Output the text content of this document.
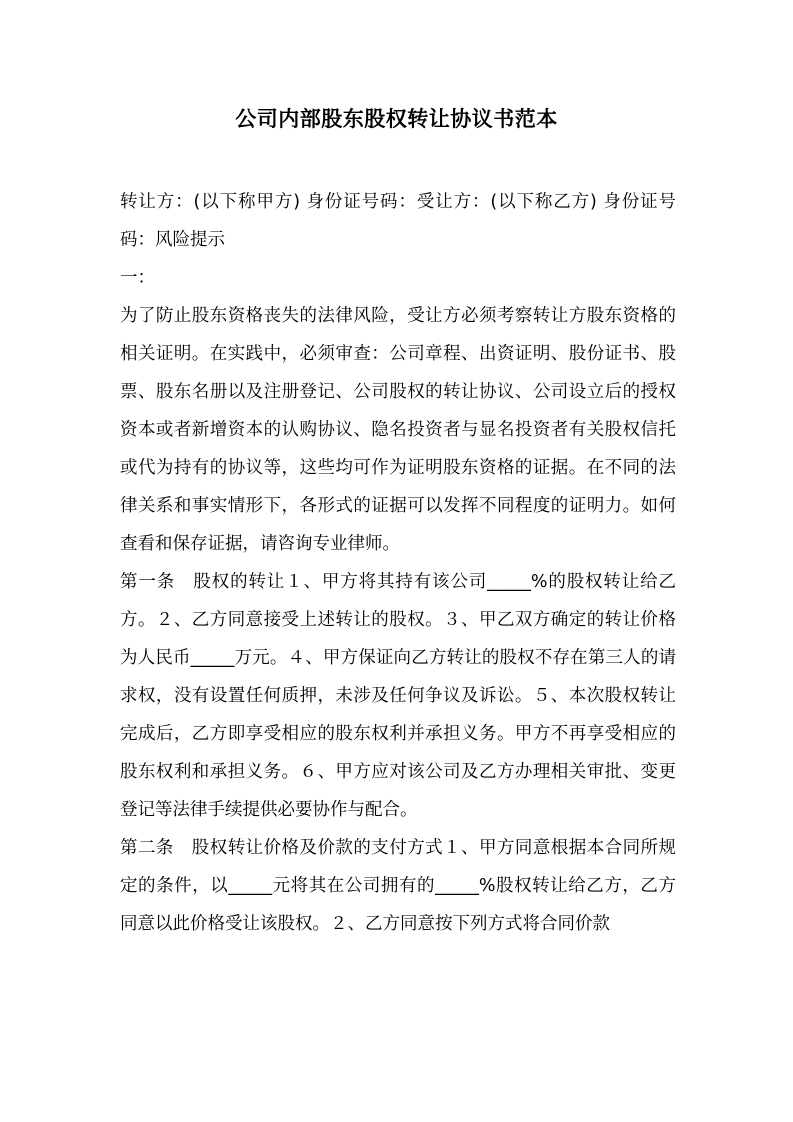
公司内部股东股权转让协议书范本

转让方：(以下称甲方) 身份证号码：受让方：(以下称乙方) 身份证号码：风险提示

一：

为了防止股东资格丧失的法律风险，受让方必须考察转让方股东资格的相关证明。在实践中，必须审查：公司章程、出资证明、股份证书、股票、股东名册以及注册登记、公司股权的转让协议、公司设立后的授权资本或者新增资本的认购协议、隐名投资者与显名投资者有关股权信托或代为持有的协议等，这些均可作为证明股东资格的证据。在不同的法律关系和事实情形下，各形式的证据可以发挥不同程度的证明力。如何查看和保存证据，请咨询专业律师。

第一条　股权的转让１、甲方将其持有该公司_____%的股权转让给乙方。２、乙方同意接受上述转让的股权。３、甲乙双方确定的转让价格为人民币_____万元。４、甲方保证向乙方转让的股权不存在第三人的请求权，没有设置任何质押，未涉及任何争议及诉讼。５、本次股权转让完成后，乙方即享受相应的股东权利并承担义务。甲方不再享受相应的股东权利和承担义务。６、甲方应对该公司及乙方办理相关审批、变更登记等法律手续提供必要协作与配合。

第二条　股权转让价格及价款的支付方式１、甲方同意根据本合同所规定的条件，以_____元将其在公司拥有的_____%股权转让给乙方，乙方同意以此价格受让该股权。２、乙方同意按下列方式将合同价款
